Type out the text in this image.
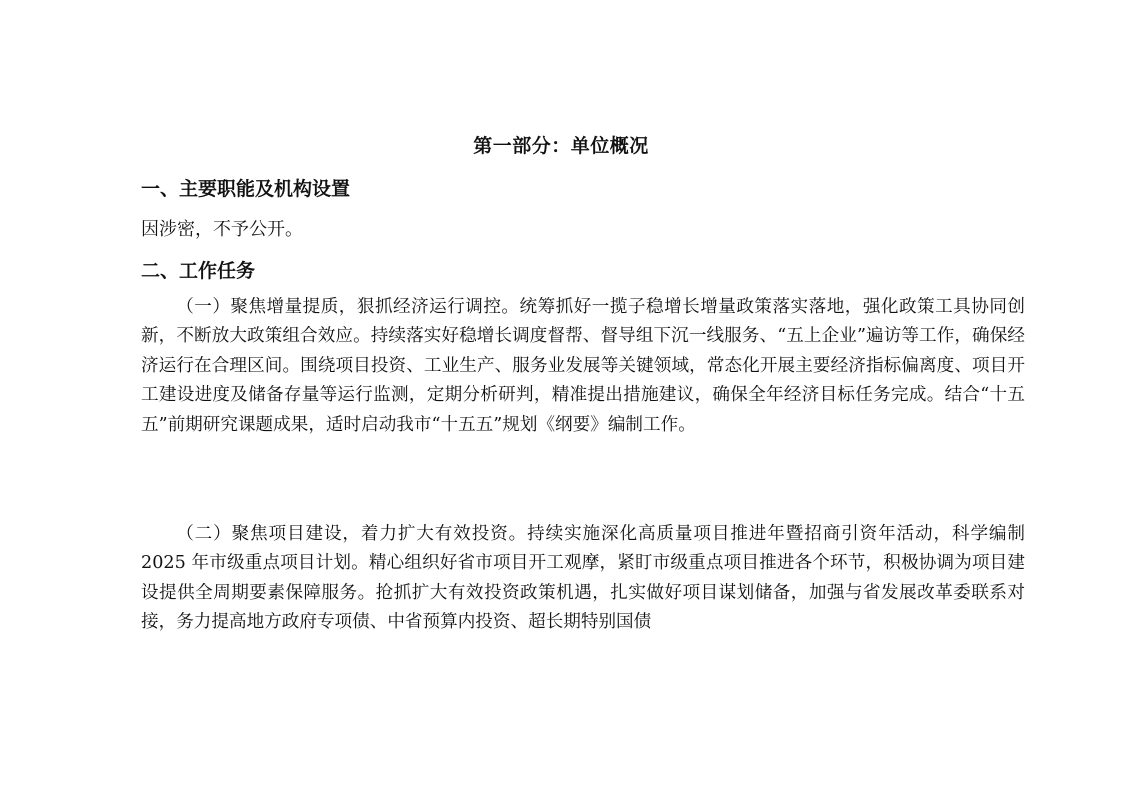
第一部分：单位概况
一、主要职能及机构设置
因涉密，不予公开。
二、工作任务

（一）聚焦增量提质，狠抓经济运行调控。统筹抓好一揽子稳增长增量政策落实落地，强化政策工具协同创新，不断放大政策组合效应。持续落实好稳增长调度督帮、督导组下沉一线服务、“五上企业”遍访等工作，确保经济运行在合理区间。围绕项目投资、工业生产、服务业发展等关键领域，常态化开展主要经济指标偏离度、项目开工建设进度及储备存量等运行监测，定期分析研判，精准提出措施建议，确保全年经济目标任务完成。结合“十五五”前期研究课题成果，适时启动我市“十五五”规划《纲要》编制工作。

（二）聚焦项目建设，着力扩大有效投资。持续实施深化高质量项目推进年暨招商引资年活动，科学编制 2025 年市级重点项目计划。精心组织好省市项目开工观摩，紧盯市级重点项目推进各个环节，积极协调为项目建设提供全周期要素保障服务。抢抓扩大有效投资政策机遇，扎实做好项目谋划储备，加强与省发展改革委联系对接，务力提高地方政府专项债、中省预算内投资、超长期特别国债
